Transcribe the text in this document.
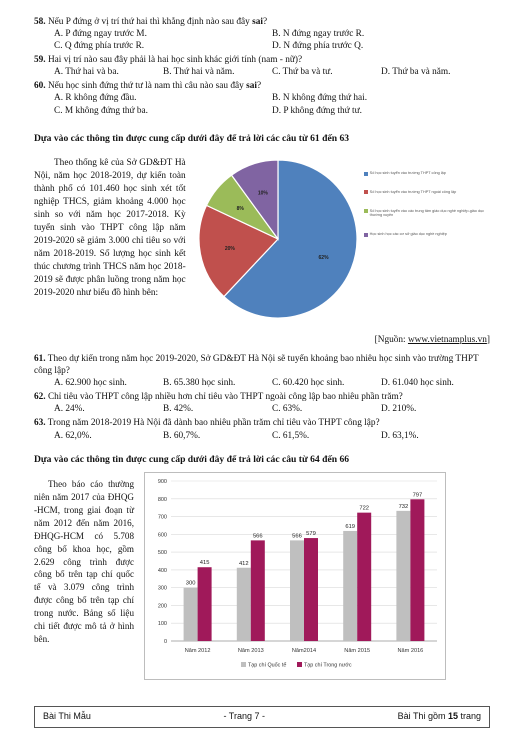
58. Nếu P đứng ở vị trí thứ hai thì khẳng định nào sau đây sai?
A. P đứng ngay trước M.	B. N đứng ngay trước R.
C. Q đứng phía trước R.	D. N đứng phía trước Q.
59. Hai vị trí nào sau đây phải là hai học sinh khác giới tính (nam - nữ)?
A. Thứ hai và ba.	B. Thứ hai và năm.	C. Thứ ba và tư.	D. Thứ ba và năm.
60. Nếu học sinh đứng thứ tư là nam thì câu nào sau đây sai?
A. R không đứng đầu.	B. N không đứng thứ hai.
C. M không đứng thứ ba.	D. P không đứng thứ tư.
Dựa vào các thông tin được cung cấp dưới đây để trả lời các câu từ 61 đến 63
Theo thống kê của Sở GD&ĐT Hà Nội, năm học 2018-2019, dự kiến toàn thành phố có 101.460 học sinh xét tốt nghiệp THCS, giảm khoảng 4.000 học sinh so với năm học 2017-2018. Kỳ tuyển sinh vào THPT công lập năm 2019-2020 sẽ giảm 3.000 chỉ tiêu so với năm 2018-2019. Số lượng học sinh kết thúc chương trình THCS năm học 2018-2019 sẽ được phân luồng trong năm học 2019-2020 như biểu đồ hình bên:
62%
20%
8%
10%
Số học sinh tuyển vào trường THPT công lập
Số học sinh tuyển vào trường THPT ngoài công lập
Số học sinh tuyển vào các trung tâm giáo dục nghề nghiệp-giáo dục thường xuyên
Học sinh học các cơ sở giáo dục nghề nghiệp
[Nguồn: www.vietnamplus.vn]
61. Theo dự kiến trong năm học 2019-2020, Sở GD&ĐT Hà Nội sẽ tuyển khoảng bao nhiêu học sinh vào trường THPT công lập?
A. 62.900 học sinh.	B. 65.380 học sinh.	C. 60.420 học sinh.	D. 61.040 học sinh.
62. Chỉ tiêu vào THPT công lập nhiều hơn chỉ tiêu vào THPT ngoài công lập bao nhiêu phần trăm?
A. 24%.	B. 42%.	C. 63%.	D. 210%.
63. Trong năm 2018-2019 Hà Nội đã dành bao nhiêu phần trăm chỉ tiêu vào THPT công lập?
A. 62,0%.	B. 60,7%.	C. 61,5%.	D. 63,1%.
Dựa vào các thông tin được cung cấp dưới đây để trả lời các câu từ 64 đến 66
Theo báo cáo thường niên năm 2017 của ĐHQG -HCM, trong giai đoạn từ năm 2012 đến năm 2016, ĐHQG-HCM có 5.708 công bố khoa học, gồm 2.629 công trình được công bố trên tạp chí quốc tế và 3.079 công trình được công bố trên tạp chí trong nước. Bảng số liệu chi tiết được mô tả ở hình bên.	0
100
200
300
400
500
600
700
800
900
300
415
Năm 2012
412
566
Năm 2013
566 579
Năm2014
619
722
Năm 2015
732
797
Năm 2016
Tạp chí Quốc tế	Tạp chí Trong nước
Bài Thi Mẫu	- Trang 7 -	Bài Thi gồm 15 trang
